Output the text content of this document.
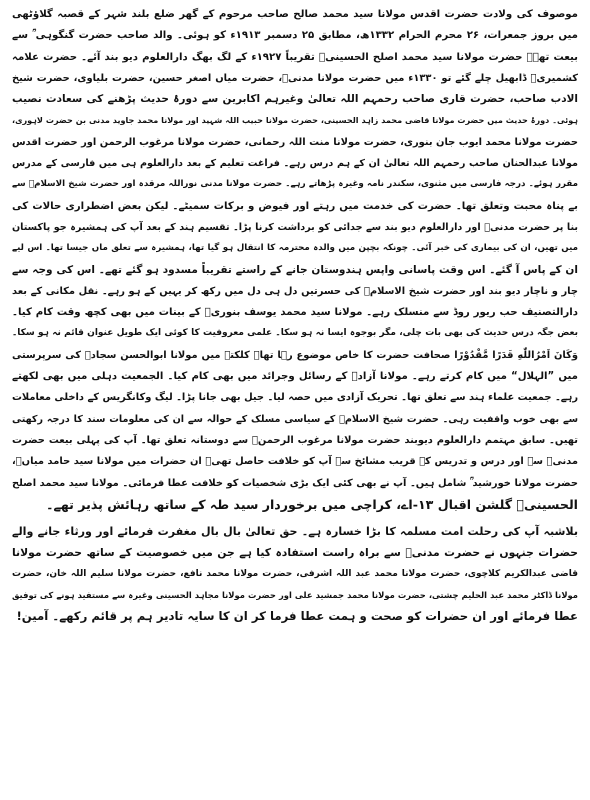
موصوف کی ولادت حضرت اقدس مولانا سید محمد صالح صاحب مرحوم کے گھر ضلع بلند شہر کے قصبہ گلاؤٹھی
میں بروز جمعرات، ۲۶ محرم الحرام ۱۳۳۲ھ، مطابق ۲۵ دسمبر ۱۹۱۳ء کو ہوئی۔ والد صاحب حضرت گنگوہی ؒ سے
بیعت تھے۔ حضرت مولانا سید محمد اصلح الحسینیؒ تقریباً ۱۹۲۷ء کے لگ بھگ دارالعلوم دیو بند آئے۔ حضرت علامہ
کشمیریؒ ڈابھیل چلے گئے تو ۱۳۳۰ء میں حضرت مولانا مدنیؒ، حضرت میاں اصغر حسین، حضرت بلیاوی، حضرت شیخ
الادب صاحب، حضرت قاری صاحب رحمہم اللہ تعالیٰ وغیرہم اکابرین سے دورۂ حدیث پڑھنے کی سعادت نصیب
ہوئی۔ دورۂ حدیث میں حضرت مولانا قاضی محمد زاہد الحسینی، حضرت مولانا حبیب اللہ شہید اور مولانا محمد جاوید مدنی بن حضرت لاہوری،
حضرت مولانا محمد ایوب جان بنوری، حضرت مولانا منت اللہ رحمانی، حضرت مولانا مرغوب الرحمن اور حضرت اقدس
مولانا عبدالحنان صاحب رحمہم اللہ تعالیٰ ان کے ہم درس رہے۔ فراغت تعلیم کے بعد دارالعلوم ہی میں فارسی کے مدرس
مقرر ہوئے۔ درجہ فارسی میں مثنوی، سکندر نامہ وغیرہ پڑھاتے رہے۔ حضرت مولانا مدنی نوراللہ مرقدہ اور حضرت شیخ الاسلامؒ سے
بے پناہ محبت وتعلق تھا۔ حضرت کی خدمت میں رہتے اور فیوض و برکات سمیٹے۔ لیکن بعض اضطراری حالات کی
بنا پر حضرت مدنیؒ اور دارالعلوم دیو بند سے جدائی کو برداشت کرنا پڑا۔ تقسیم ہند کے بعد آپ کی ہمشیرہ جو پاکستان
میں تھیں، ان کی بیماری کی خبر آئی۔ چونکہ بچپن میں والدہ محترمہ کا انتقال ہو گیا تھا، ہمشیرہ سے تعلق ماں جیسا تھا۔ اس لیے
ان کے پاس آ گئے۔ اس وقت پاسانی واپس ہندوستان جانے کے راستے تقریباً مسدود ہو گئے تھے۔ اس کی وجہ سے
چار و ناچار دیو بند اور حضرت شیخ الاسلامؒ کی حسرتیں دل ہی دل میں رکھ کر یہیں کے ہو رہے۔ نقل مکانی کے بعد
دارالتصنیف حب ریور روڈ سے منسلک رہے۔ مولانا سید محمد یوسف بنوریؒ کے بینات میں بھی کچھ وقت کام کیا۔
بعض جگہ درس حدیث کی بھی بات چلی، مگر بوجوہ ایسا نہ ہو سکا۔ علمی معروفیت کا کوئی ایک طویل عنوان قائم نہ ہو سکا۔
وَكَانَ اَمْرُاللّٰهِ قَدَرًا مَّقْدُوْرًا صحافت حضرت کا خاص موضوع رہا تھا۔ کلکتہ میں مولانا ابوالحسن سجادؒ کی سرپرستی
میں ”الہلال“ میں کام کرتے رہے۔ مولانا آزادؒ کے رسائل وجرائد میں بھی کام کیا۔ الجمعیت دہلی میں بھی لکھتے
رہے۔ جمعیت علماء ہند سے تعلق تھا۔ تحریک آزادی میں حصہ لیا۔ جیل بھی جانا پڑا۔ لیگ وکانگریس کے داخلی معاملات
سے بھی خوب واقفیت رہی۔ حضرت شیخ الاسلامؒ کے سیاسی مسلک کے حوالہ سے ان کی معلومات سند کا درجہ رکھتی
تھیں۔ سابق مہتمم دارالعلوم دیوبند حضرت مولانا مرغوب الرحمنؒ سے دوستانہ تعلق تھا۔ آپ کی پہلی بیعت حضرت
مدنیؒ سے اور درس و تدریس کے قریب مشائخ سے آپ کو خلافت حاصل تھی۔ ان حضرات میں مولانا سید حامد میاںؒ،
حضرت مولانا خورشید ؒ شامل ہیں۔ آپ نے بھی کئی ایک بڑی شخصیات کو خلافت عطا فرمائی۔ مولانا سید محمد اصلح
الحسینیؒ گلشن اقبال ۱۳-اے، کراچی میں برخوردار سید طہ کے ساتھ رہائش پذیر تھے۔
بلاشبہ آپ کی رحلت امت مسلمہ کا بڑا خسارہ ہے۔ حق تعالیٰ بال بال مغفرت فرمائے اور ورثاء جانے والے
حضرات جنہوں نے حضرت مدنیؒ سے براہ راست استفادہ کیا ہے جن میں خصوصیت کے ساتھ حضرت مولانا
قاضی عبدالکریم کلاچوی، حضرت مولانا محمد عبد اللہ اشرفی، حضرت مولانا محمد نافع، حضرت مولانا سلیم اللہ خان، حضرت
مولانا ڈاکٹر محمد عبد الحلیم چشتی، حضرت مولانا محمد جمشید علی اور حضرت مولانا مجاہد الحسینی وغیرہ سے مستفید ہونے کی توفیق
عطا فرمائے اور ان حضرات کو صحت و ہمت عطا فرما کر ان کا سایہ تادیر ہم پر قائم رکھے۔ آمین!
